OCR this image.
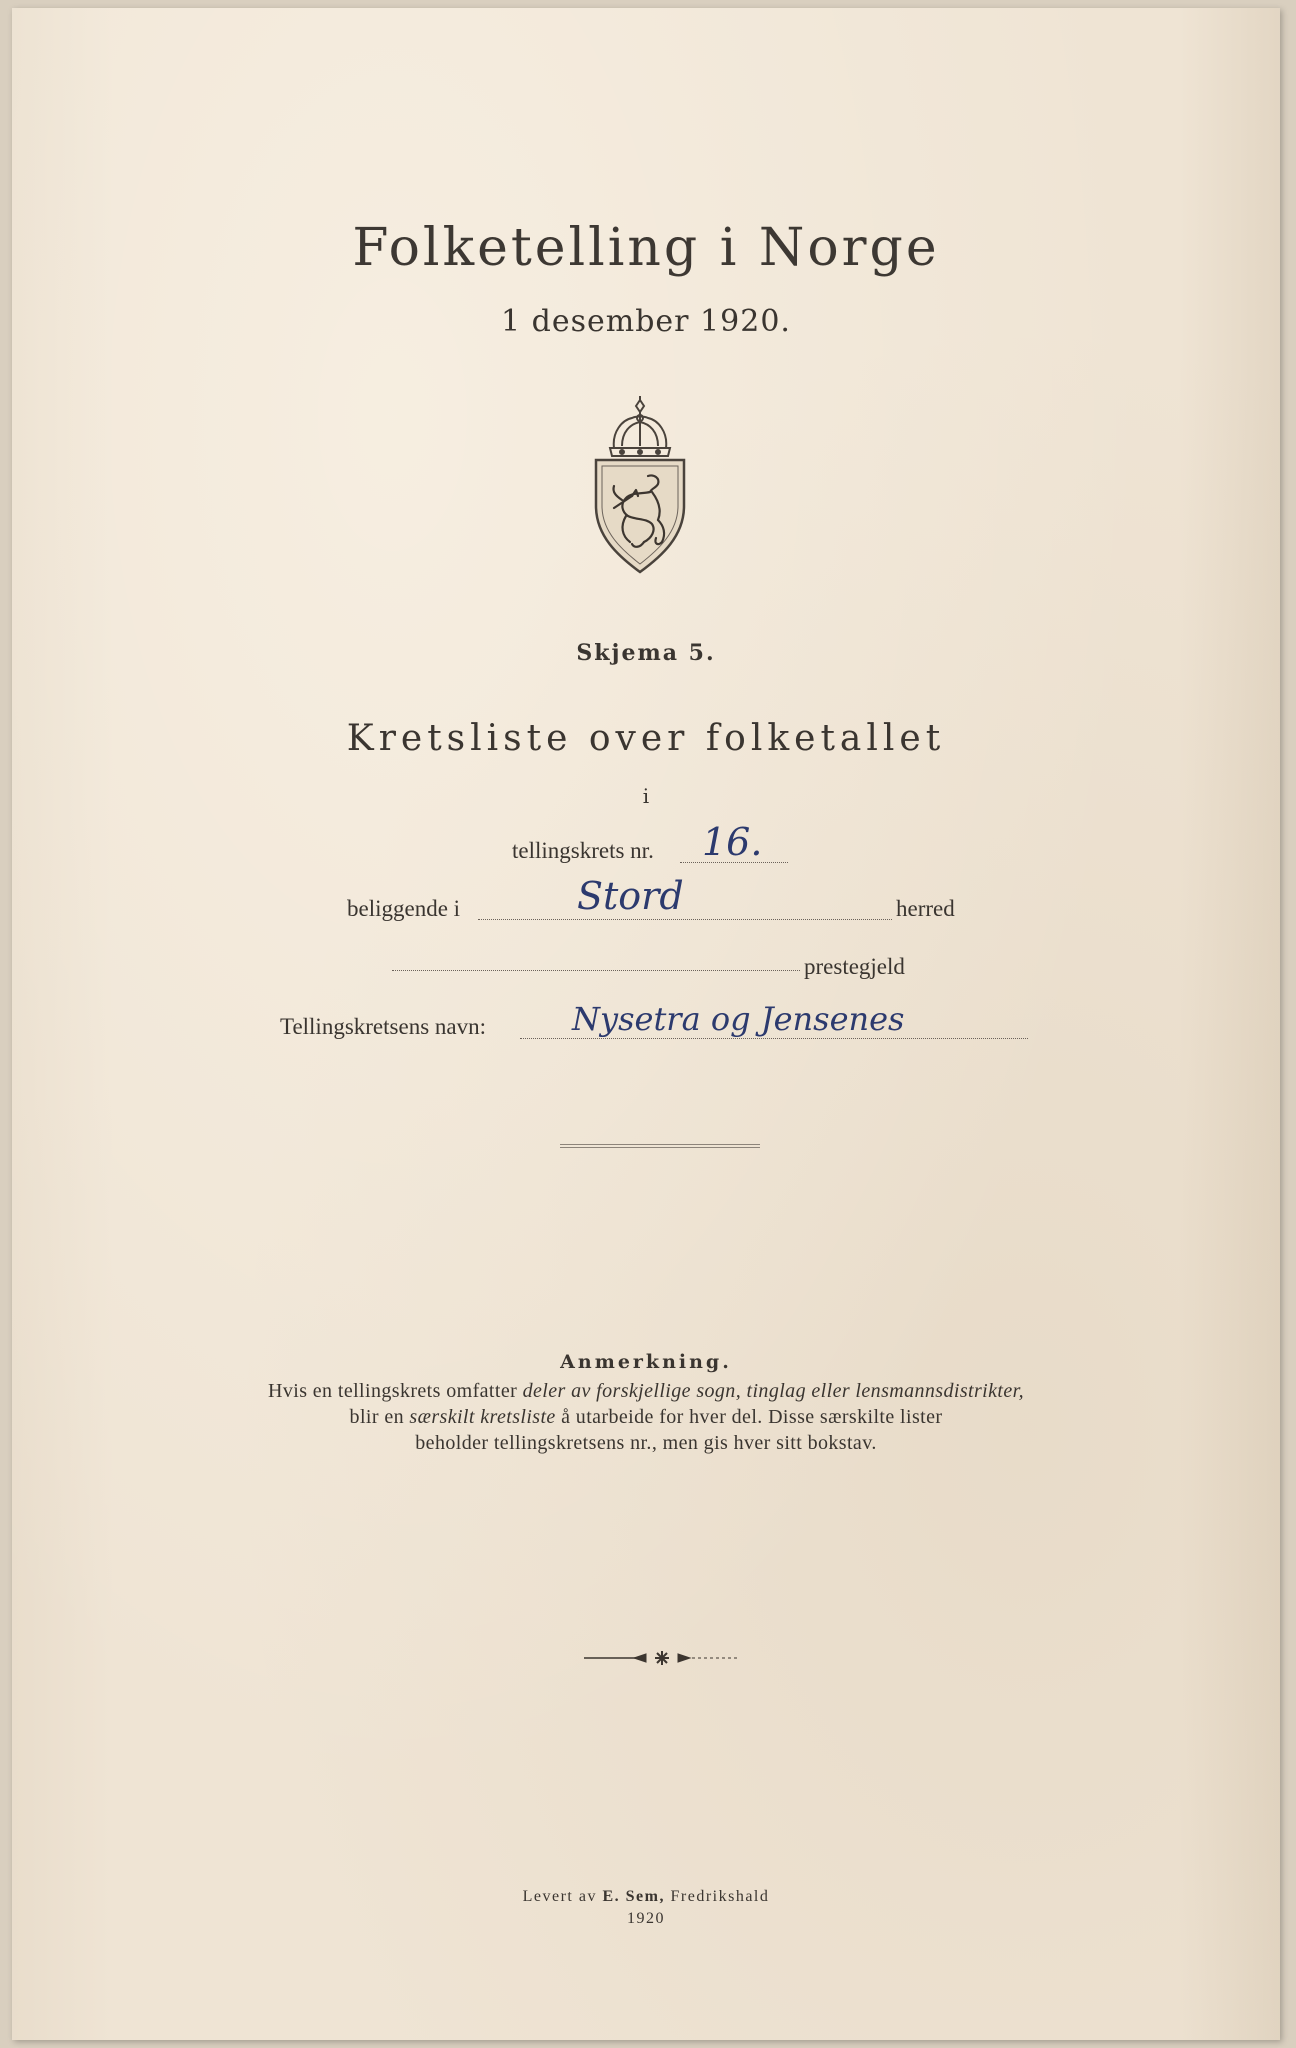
Folketelling i Norge
1 desember 1920.
Skjema 5.
Kretsliste over folketallet
i
tellingskrets nr. 16.
beliggende i	Stord	herred
prestegjeld
Tellingskretsens navn:	Nysetra og Jensenes
Anmerkning.
Hvis en tellingskrets omfatter deler av forskjellige sogn, tinglag eller lensmannsdistrikter,
blir en særskilt kretsliste å utarbeide for hver del. Disse særskilte lister
beholder tellingskretsens nr., men gis hver sitt bokstav.
Levert av E. Sem, Fredrikshald
1920
